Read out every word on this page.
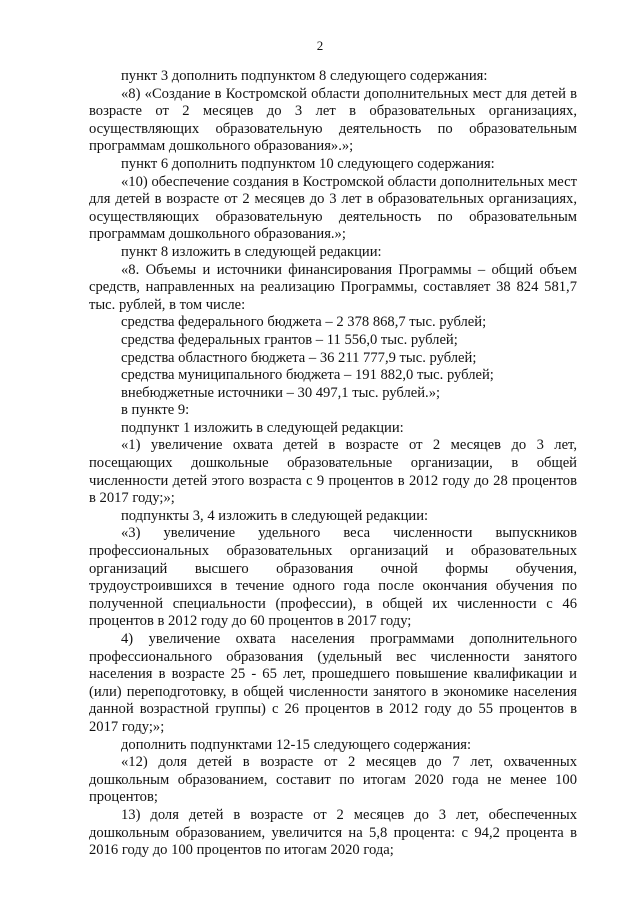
2

пункт 3 дополнить подпунктом 8 следующего содержания:

«8) «Создание в Костромской области дополнительных мест для детей в возрасте от 2 месяцев до 3 лет в образовательных организациях, осуществляющих образовательную деятельность по образовательным программам дошкольного образования».»;

пункт 6 дополнить подпунктом 10 следующего содержания:

«10) обеспечение создания в Костромской области дополнительных мест для детей в возрасте от 2 месяцев до 3 лет в образовательных организациях, осуществляющих образовательную деятельность по образовательным программам дошкольного образования.»;

пункт 8 изложить в следующей редакции:

«8. Объемы и источники финансирования Программы – общий объем средств, направленных на реализацию Программы, составляет 38 824 581,7 тыс. рублей, в том числе:

средства федерального бюджета – 2 378 868,7 тыс. рублей;

средства федеральных грантов – 11 556,0 тыс. рублей;

средства областного бюджета – 36 211 777,9 тыс. рублей;

средства муниципального бюджета – 191 882,0 тыс. рублей;

внебюджетные источники – 30 497,1 тыс. рублей.»;

в пункте 9:

подпункт 1 изложить в следующей редакции:

«1) увеличение охвата детей в возрасте от 2 месяцев до 3 лет, посещающих дошкольные образовательные организации, в общей численности детей этого возраста с 9 процентов в 2012 году до 28 процентов в 2017 году;»;

подпункты 3, 4 изложить в следующей редакции:

«3) увеличение удельного веса численности выпускников профессиональных образовательных организаций и образовательных организаций высшего образования очной формы обучения, трудоустроившихся в течение одного года после окончания обучения по полученной специальности (профессии), в общей их численности с 46 процентов в 2012 году до 60 процентов в 2017 году;

4) увеличение охвата населения программами дополнительного профессионального образования (удельный вес численности занятого населения в возрасте 25 - 65 лет, прошедшего повышение квалификации и (или) переподготовку, в общей численности занятого в экономике населения данной возрастной группы) с 26 процентов в 2012 году до 55 процентов в 2017 году;»;

дополнить подпунктами 12-15 следующего содержания:

«12) доля детей в возрасте от 2 месяцев до 7 лет, охваченных дошкольным образованием, составит по итогам 2020 года не менее 100 процентов;

13) доля детей в возрасте от 2 месяцев до 3 лет, обеспеченных дошкольным образованием, увеличится на 5,8 процента: с 94,2 процента в 2016 году до 100 процентов по итогам 2020 года;
